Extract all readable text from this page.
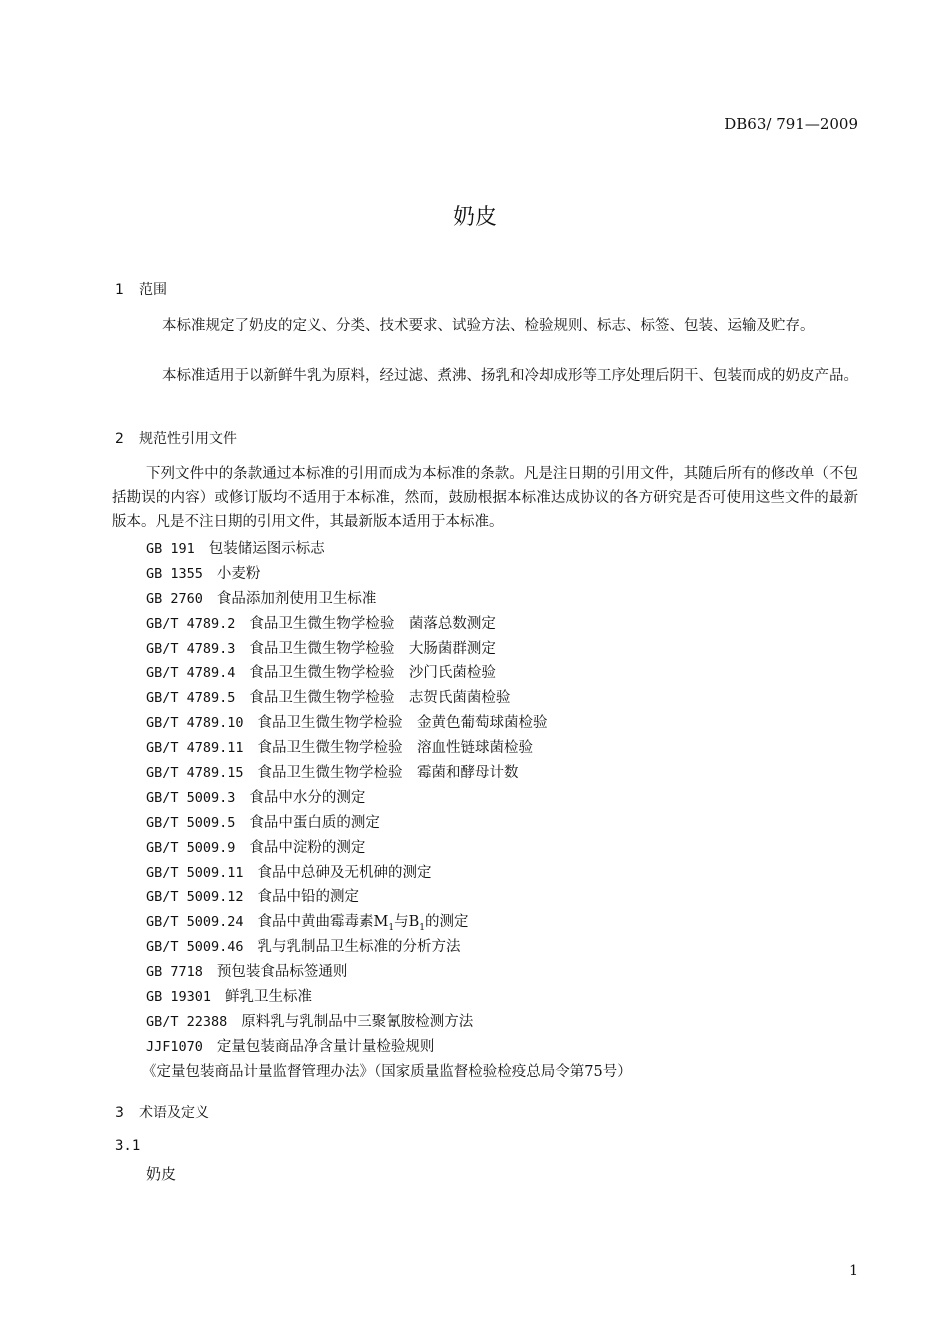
DB63/ 791—2009
奶皮
1 范围

本标准规定了奶皮的定义、分类、技术要求、试验方法、检验规则、标志、标签、包装、运输及贮存。

本标准适用于以新鲜牛乳为原料，经过滤、煮沸、扬乳和冷却成形等工序处理后阴干、包装而成的奶皮产品。

2 规范性引用文件

下列文件中的条款通过本标准的引用而成为本标准的条款。凡是注日期的引用文件，其随后所有的修改单（不包括勘误的内容）或修订版均不适用于本标准，然而，鼓励根据本标准达成协议的各方研究是否可使用这些文件的最新版本。凡是不注日期的引用文件，其最新版本适用于本标准。

GB 191 包装储运图示标志
GB 1355 小麦粉
GB 2760 食品添加剂使用卫生标准
GB/T 4789.2 食品卫生微生物学检验　菌落总数测定
GB/T 4789.3 食品卫生微生物学检验　大肠菌群测定
GB/T 4789.4 食品卫生微生物学检验　沙门氏菌检验
GB/T 4789.5 食品卫生微生物学检验　志贺氏菌菌检验
GB/T 4789.10 食品卫生微生物学检验　金黄色葡萄球菌检验
GB/T 4789.11 食品卫生微生物学检验　溶血性链球菌检验
GB/T 4789.15 食品卫生微生物学检验　霉菌和酵母计数
GB/T 5009.3 食品中水分的测定
GB/T 5009.5 食品中蛋白质的测定
GB/T 5009.9 食品中淀粉的测定
GB/T 5009.11 食品中总砷及无机砷的测定
GB/T 5009.12 食品中铅的测定
GB/T 5009.24 食品中黄曲霉毒素$M_1$与$B_1$的测定
GB/T 5009.46 乳与乳制品卫生标准的分析方法
GB 7718 预包装食品标签通则
GB 19301 鲜乳卫生标准
GB/T 22388 原料乳与乳制品中三聚氰胺检测方法
JJF1070 定量包装商品净含量计量检验规则
《定量包装商品计量监督管理办法》（国家质量监督检验检疫总局令第75号）
3 术语及定义
3.1
奶皮
1
